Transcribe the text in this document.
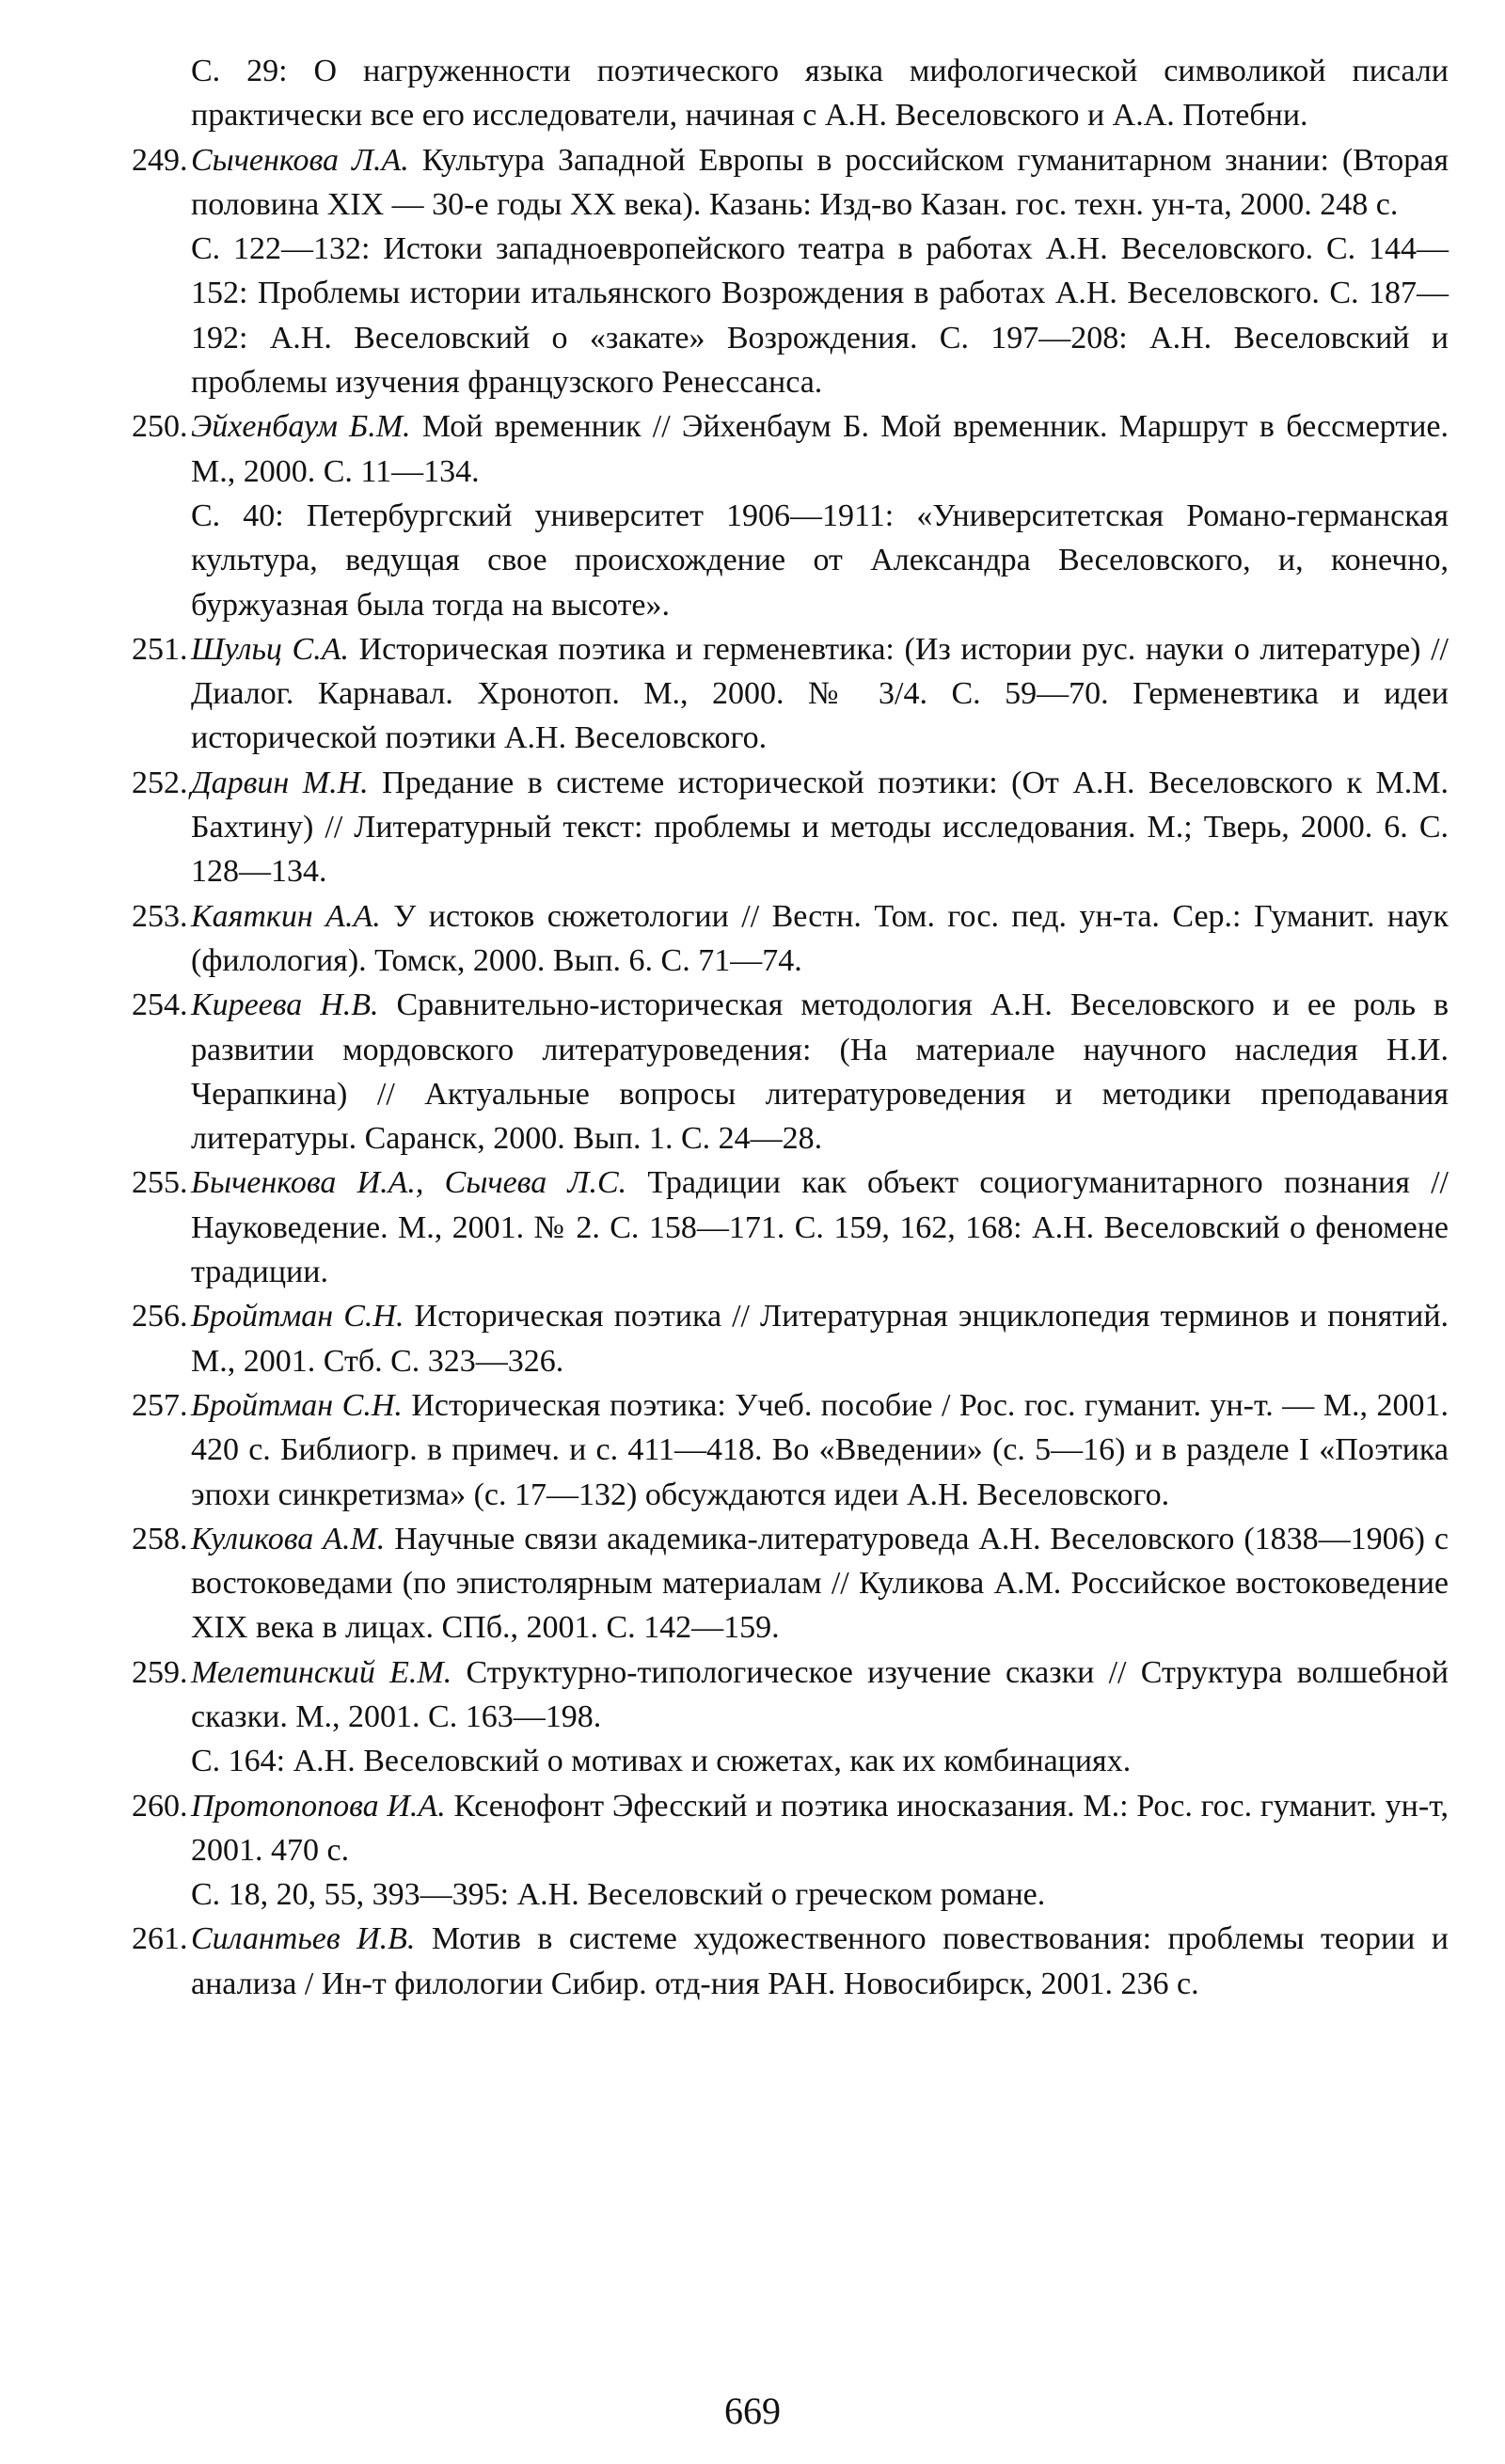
С. 29: О нагруженности поэтического языка мифологической символикой писали практически все его исследователи, начиная с А.Н. Веселовского и А.А. Потебни.

249. Сыченкова Л.А. Культура Западной Европы в российском гуманитарном знании: (Вторая половина XIX — 30-е годы XX века). Казань: Изд-во Казан. гос. техн. ун-та, 2000. 248 с.

С. 122—132: Истоки западноевропейского театра в работах А.Н. Веселовского. С. 144—152: Проблемы истории итальянского Возрождения в работах А.Н. Веселовского. С. 187—192: А.Н. Веселовский о «закате» Возрождения. С. 197—208: А.Н. Веселовский и проблемы изучения французского Ренессанса.

250. Эйхенбаум Б.М. Мой временник // Эйхенбаум Б. Мой временник. Маршрут в бессмертие. М., 2000. С. 11—134.

С. 40: Петербургский университет 1906—1911: «Университетская Романо-германская культура, ведущая свое происхождение от Александра Веселовского, и, конечно, буржуазная была тогда на высоте».

251. Шульц С.А. Историческая поэтика и герменевтика: (Из истории рус. науки о литературе) // Диалог. Карнавал. Хронотоп. М., 2000. № 3/4. С. 59—70. Герменевтика и идеи исторической поэтики А.Н. Веселовского.

252. Дарвин М.Н. Предание в системе исторической поэтики: (От А.Н. Веселовского к М.М. Бахтину) // Литературный текст: проблемы и методы исследования. М.; Тверь, 2000. 6. С. 128—134.

253. Каяткин А.А. У истоков сюжетологии // Вестн. Том. гос. пед. ун-та. Сер.: Гуманит. наук (филология). Томск, 2000. Вып. 6. С. 71—74.

254. Киреева Н.В. Сравнительно-историческая методология А.Н. Веселовского и ее роль в развитии мордовского литературоведения: (На материале научного наследия Н.И. Черапкина) // Актуальные вопросы литературоведения и методики преподавания литературы. Саранск, 2000. Вып. 1. С. 24—28.

255. Быченкова И.А., Сычева Л.С. Традиции как объект социогуманитарного познания // Науковедение. М., 2001. № 2. С. 158—171. С. 159, 162, 168: А.Н. Веселовский о феномене традиции.

256. Бройтман С.Н. Историческая поэтика // Литературная энциклопедия терминов и понятий. М., 2001. Стб. С. 323—326.

257. Бройтман С.Н. Историческая поэтика: Учеб. пособие / Рос. гос. гуманит. ун-т. — М., 2001. 420 с. Библиогр. в примеч. и с. 411—418. Во «Введении» (с. 5—16) и в разделе I «Поэтика эпохи синкретизма» (с. 17—132) обсуждаются идеи А.Н. Веселовского.

258. Куликова А.М. Научные связи академика-литературоведа А.Н. Веселовского (1838—1906) с востоковедами (по эпистолярным материалам // Куликова А.М. Российское востоковедение XIX века в лицах. СПб., 2001. С. 142—159.

259. Мелетинский Е.М. Структурно-типологическое изучение сказки // Структура волшебной сказки. М., 2001. С. 163—198.

С. 164: А.Н. Веселовский о мотивах и сюжетах, как их комбинациях.

260. Протопопова И.А. Ксенофонт Эфесский и поэтика иносказания. М.: Рос. гос. гуманит. ун-т, 2001. 470 с.

С. 18, 20, 55, 393—395: А.Н. Веселовский о греческом романе.

261. Силантьев И.В. Мотив в системе художественного повествования: проблемы теории и анализа / Ин-т филологии Сибир. отд-ния РАН. Новосибирск, 2001. 236 с.

669
